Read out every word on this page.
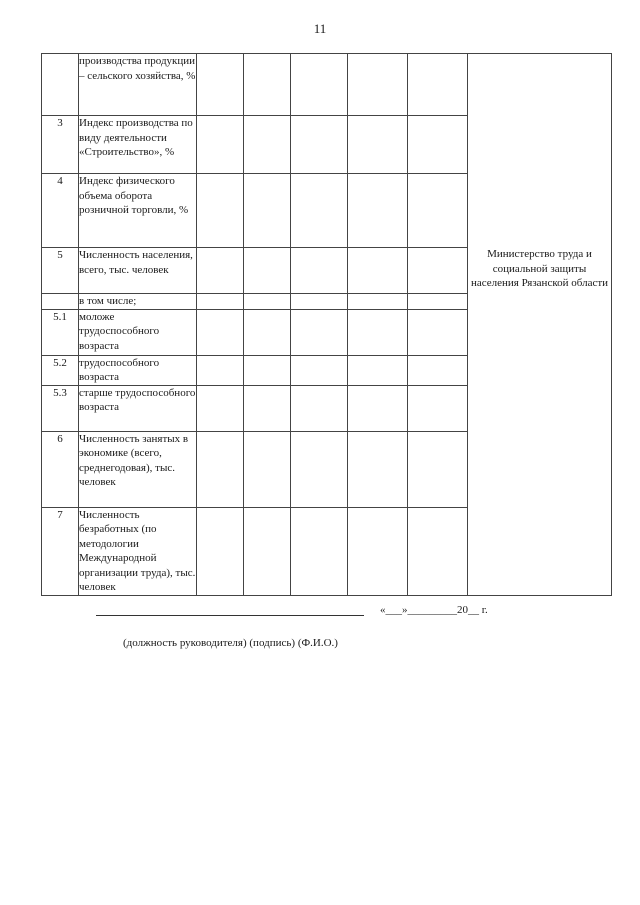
11
	производства продукции – сельского хозяйства, %						Министерство труда и социальной защиты населения Рязанской области

3	Индекс производства по виду деятельности «Строительство», %						
4	Индекс физического объема оборота розничной торговли, %						
5	Численность населения, всего, тыс. человек						
	в том числе;						
5.1	моложе трудоспособного возраста						
5.2	трудоспособного возраста						
5.3	старше трудоспособного возраста						
6	Численность занятых в экономике (всего, среднегодовая), тыс. человек						
7	Численность безработных (по методологии Международной организации труда), тыс. человек						
«___»_________20__ г.
(должность руководителя) (подпись) (Ф.И.О.)
